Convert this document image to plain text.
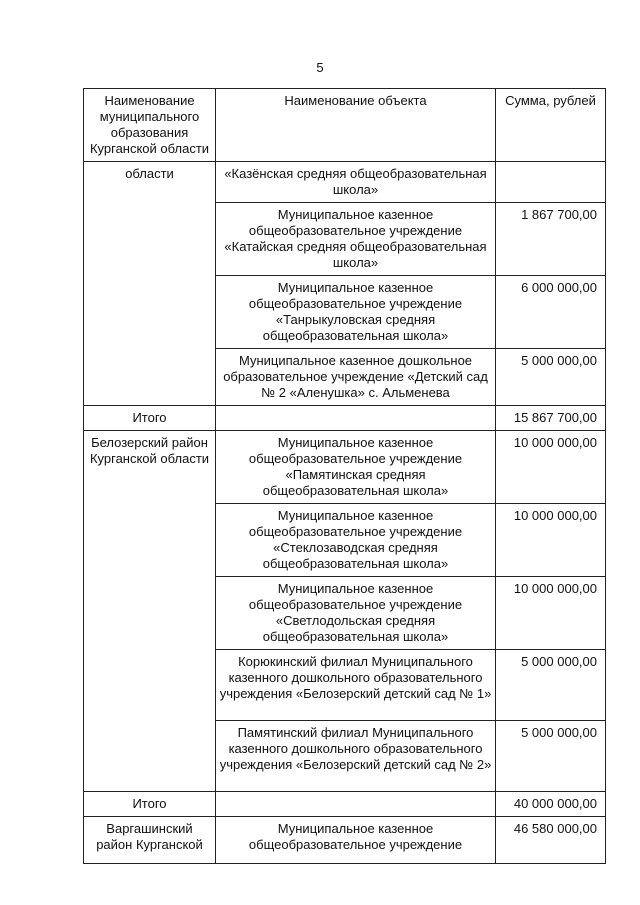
5
Наименование муниципального образования Курганской области	Наименование объекта	Сумма, рублей
области	«Казёнская средняя общеобразовательная школа»	
	Муниципальное казенное общеобразовательное учреждение «Катайская средняя общеобразовательная школа»	1 867 700,00
	Муниципальное казенное общеобразовательное учреждение «Танрыкуловская средняя общеобразовательная школа»	6 000 000,00
	Муниципальное казенное дошкольное образовательное учреждение «Детский сад № 2 «Аленушка» с. Альменева	5 000 000,00
Итого		15 867 700,00
Белозерский район Курганской области	Муниципальное казенное общеобразовательное учреждение «Памятинская средняя общеобразовательная школа»	10 000 000,00
	Муниципальное казенное общеобразовательное учреждение «Стеклозаводская средняя общеобразовательная школа»	10 000 000,00
	Муниципальное казенное общеобразовательное учреждение «Светлодольская средняя общеобразовательная школа»	10 000 000,00
	Корюкинский филиал Муниципального казенного дошкольного образовательного учреждения «Белозерский детский сад № 1»	5 000 000,00
	Памятинский филиал Муниципального казенного дошкольного образовательного учреждения «Белозерский детский сад № 2»	5 000 000,00
Итого		40 000 000,00
Варгашинский район Курганской	Муниципальное казенное общеобразовательное учреждение	46 580 000,00
